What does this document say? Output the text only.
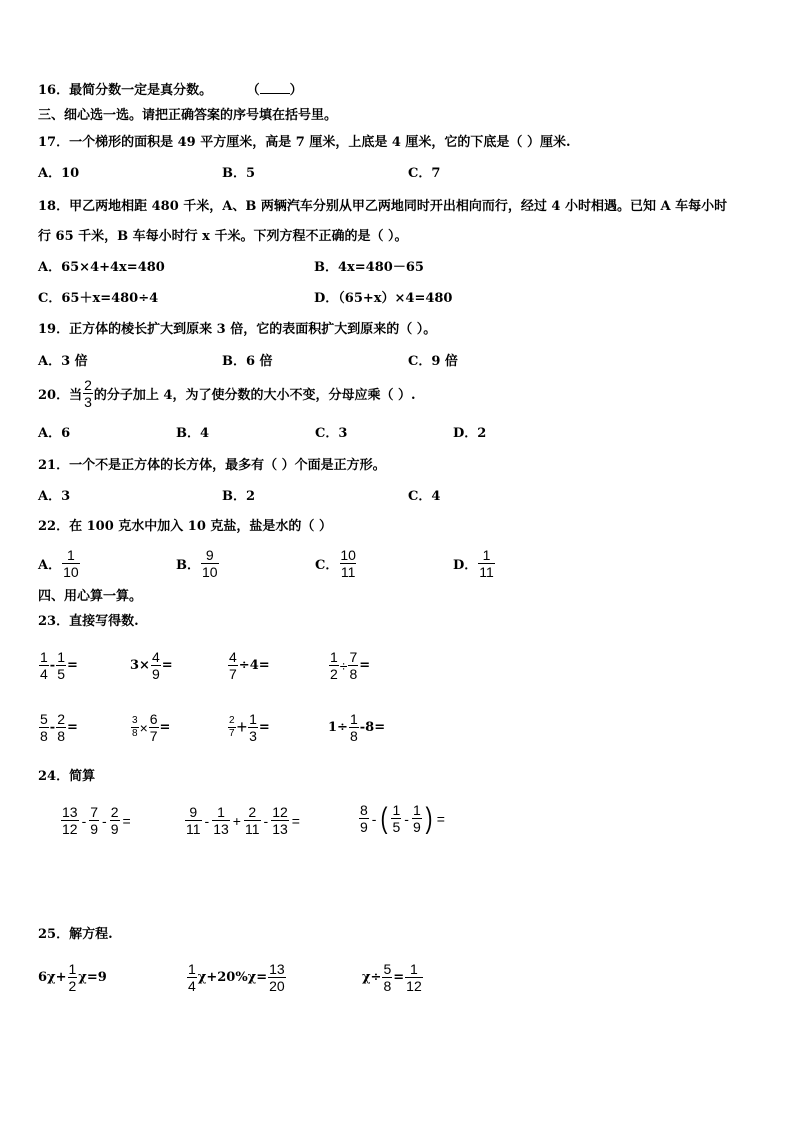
16．最简分数一定是真分数。	（ ）
三、细心选一选。请把正确答案的序号填在括号里。
17．一个梯形的面积是 49 平方厘米，高是 7 厘米，上底是 4 厘米，它的下底是（ ）厘米.
A．10	B．5	C．7
18．甲乙两地相距 480 千米，A、B 两辆汽车分别从甲乙两地同时开出相向而行，经过 4 小时相遇。已知 A 车每小时
行 65 千米，B 车每小时行 x 千米。下列方程不正确的是（ ）。
A．65×4+4x=480	B．4x=480－65
C．65＋x=480÷4	D．（65+x）×4=480
19．正方体的棱长扩大到原来 3 倍，它的表面积扩大到原来的（ ）。
A．3 倍	B．6 倍	C．9 倍
20．当 $\frac{2}{3}$ 的分子加上 4，为了使分数的大小不变，分母应乘（ ）.
A．6	B．4	C．3	D．2
21．一个不是正方体的长方体，最多有（ ）个面是正方形。
A．3	B．2	C．4
22．在 100 克水中加入 10 克盐，盐是水的（ ）
A． $\frac{1}{10}$	B． $\frac{9}{10}$	C． $\frac{10}{11}$	D． $\frac{1}{11}$
四、用心算一算。
23．直接写得数.
$\frac{1}{4} - \frac{1}{5}$ =	$3\times \frac{4}{9}$ =	$\frac{4}{7} \div 4=$	$\frac{1}{2} \div \frac{7}{8}$ =
$\frac{5}{8} - \frac{2}{8}$ =	$\frac{3}{8} \times \frac{6}{7}$ =	$\frac{2}{7} + \frac{1}{3}$ =	$1\div \frac{1}{8} -8=$
24．简算
$\frac{13}{12} - \frac{7}{9} - \frac{2}{9}$ =	$\frac{9}{11} - \frac{1}{13} + \frac{2}{11} - \frac{12}{13}$ =	$\frac{8}{9}$ - ( $\frac{1}{5} - \frac{1}{9}$ ) =
25．解方程.
$6\chi+ \frac{1}{2} \chi=9$	$\frac{1}{4} \chi+20\%\chi= \frac{13}{20}$	$\chi\div \frac{5}{8} = \frac{1}{12}$
